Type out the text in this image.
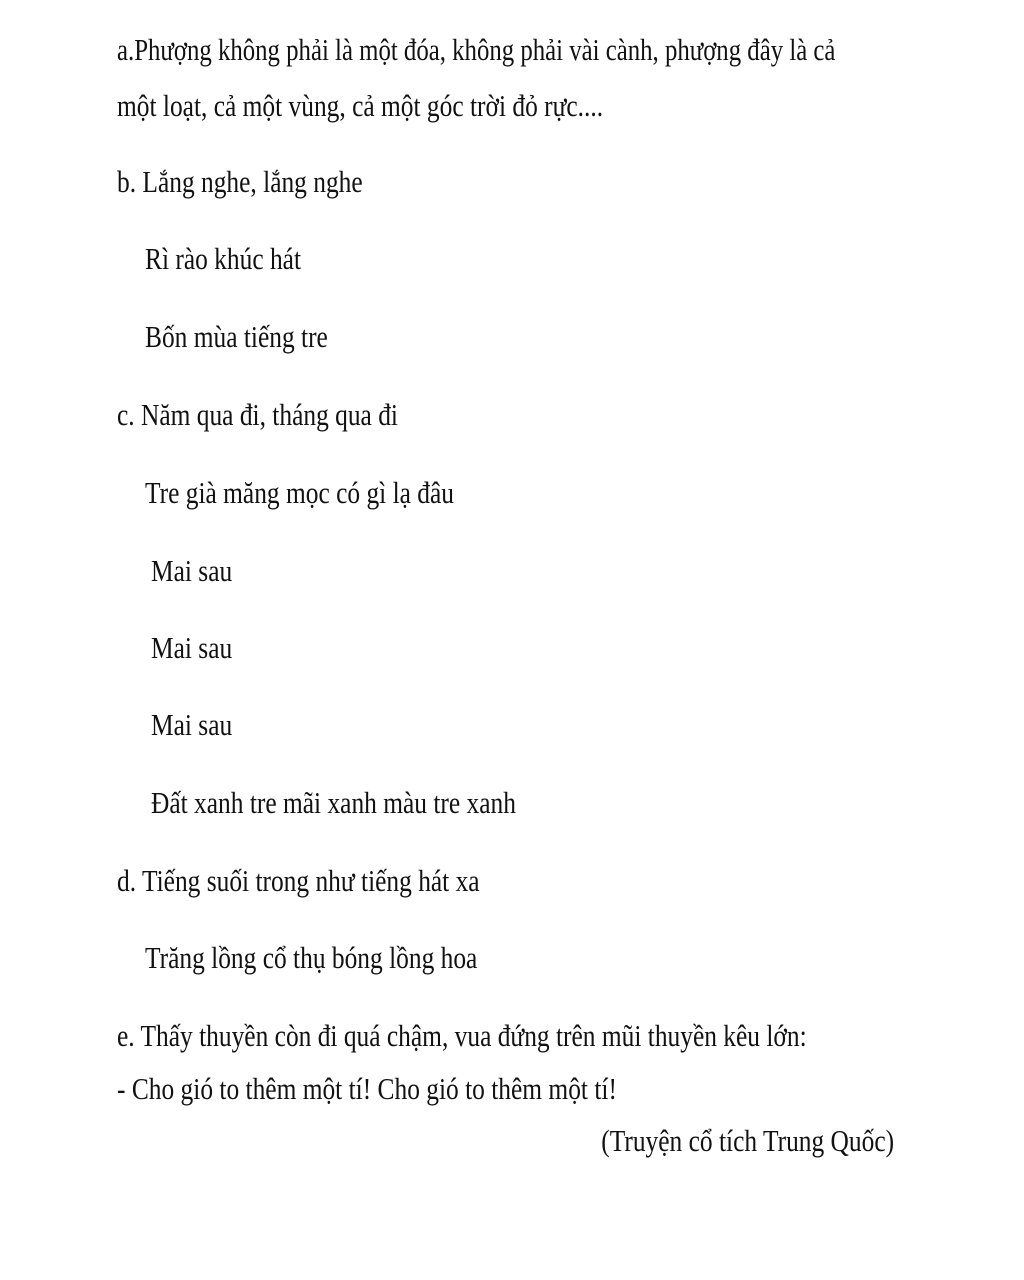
a.Phượng không phải là một đóa, không phải vài cành, phượng đây là cả
một loạt, cả một vùng, cả một góc trời đỏ rực....
b. Lắng nghe, lắng nghe
Rì rào khúc hát
Bốn mùa tiếng tre
c. Năm qua đi, tháng qua đi
Tre già măng mọc có gì lạ đâu
Mai sau
Mai sau
Mai sau
Đất xanh tre mãi xanh màu tre xanh
d. Tiếng suối trong như tiếng hát xa
Trăng lồng cổ thụ bóng lồng hoa
e. Thấy thuyền còn đi quá chậm, vua đứng trên mũi thuyền kêu lớn:
- Cho gió to thêm một tí! Cho gió to thêm một tí!
(Truyện cổ tích Trung Quốc)
